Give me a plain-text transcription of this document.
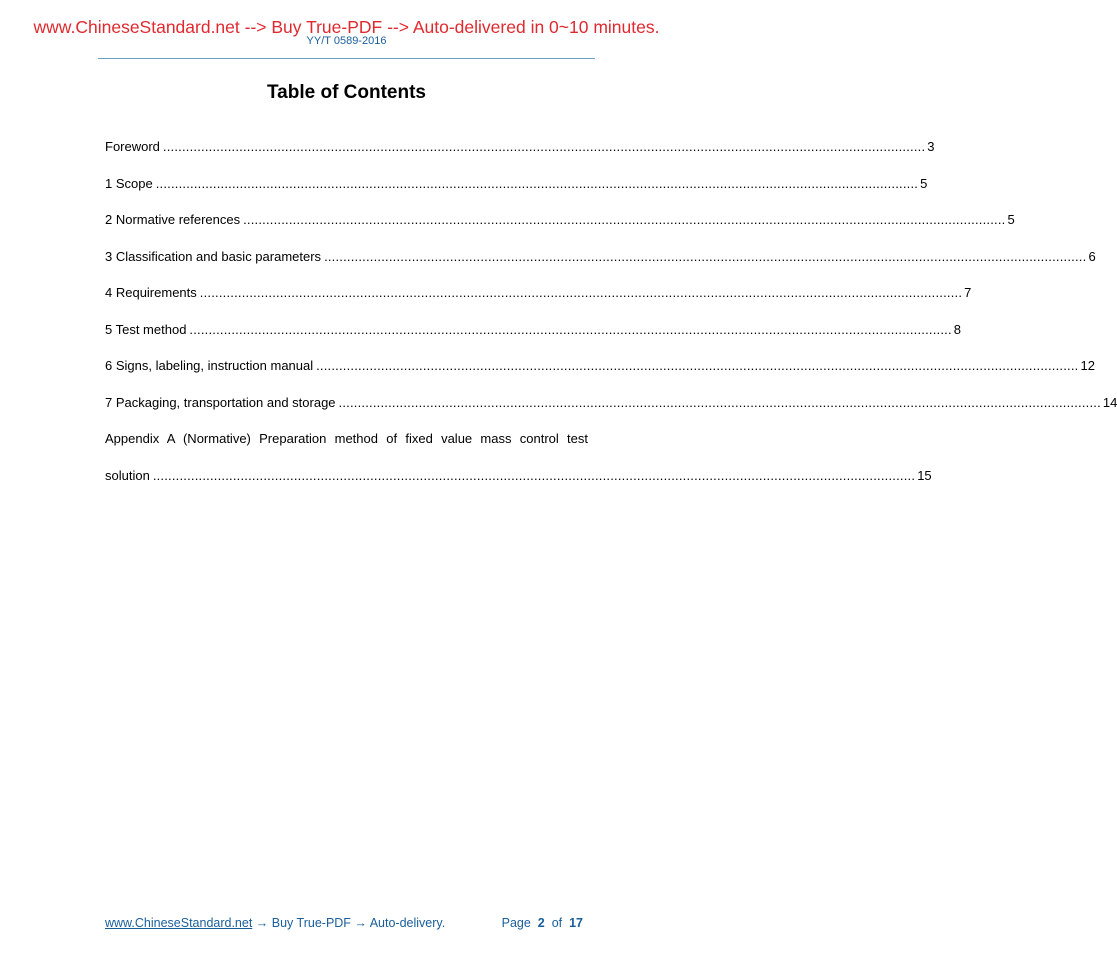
www.ChineseStandard.net --> Buy True-PDF --> Auto-delivered in 0~10 minutes.
YY/T 0589-2016
Table of Contents
Foreword ........................................................................................................................................................................................................ 3
1 Scope ........................................................................................................................................................................................................ 5
2 Normative references ........................................................................................................................................................................................................ 5
3 Classification and basic parameters ........................................................................................................................................................................................................ 6
4 Requirements ........................................................................................................................................................................................................ 7
5 Test method ........................................................................................................................................................................................................ 8
6 Signs, labeling, instruction manual ........................................................................................................................................................................................................ 12
7 Packaging, transportation and storage ........................................................................................................................................................................................................ 14
Appendix A (Normative) Preparation method of fixed value mass control test
solution ........................................................................................................................................................................................................ 15
www.ChineseStandard.net → Buy True-PDF → Auto-delivery.	Page 2 of 17
